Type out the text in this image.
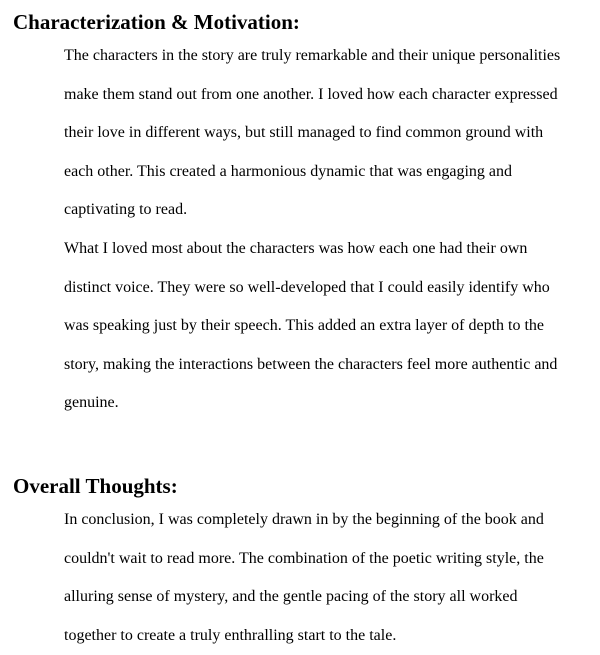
Characterization & Motivation:
The characters in the story are truly remarkable and their unique personalities
make them stand out from one another. I loved how each character expressed
their love in different ways, but still managed to find common ground with
each other. This created a harmonious dynamic that was engaging and
captivating to read.
What I loved most about the characters was how each one had their own
distinct voice. They were so well-developed that I could easily identify who
was speaking just by their speech. This added an extra layer of depth to the
story, making the interactions between the characters feel more authentic and
genuine.
Overall Thoughts:
In conclusion, I was completely drawn in by the beginning of the book and
couldn't wait to read more. The combination of the poetic writing style, the
alluring sense of mystery, and the gentle pacing of the story all worked
together to create a truly enthralling start to the tale.
